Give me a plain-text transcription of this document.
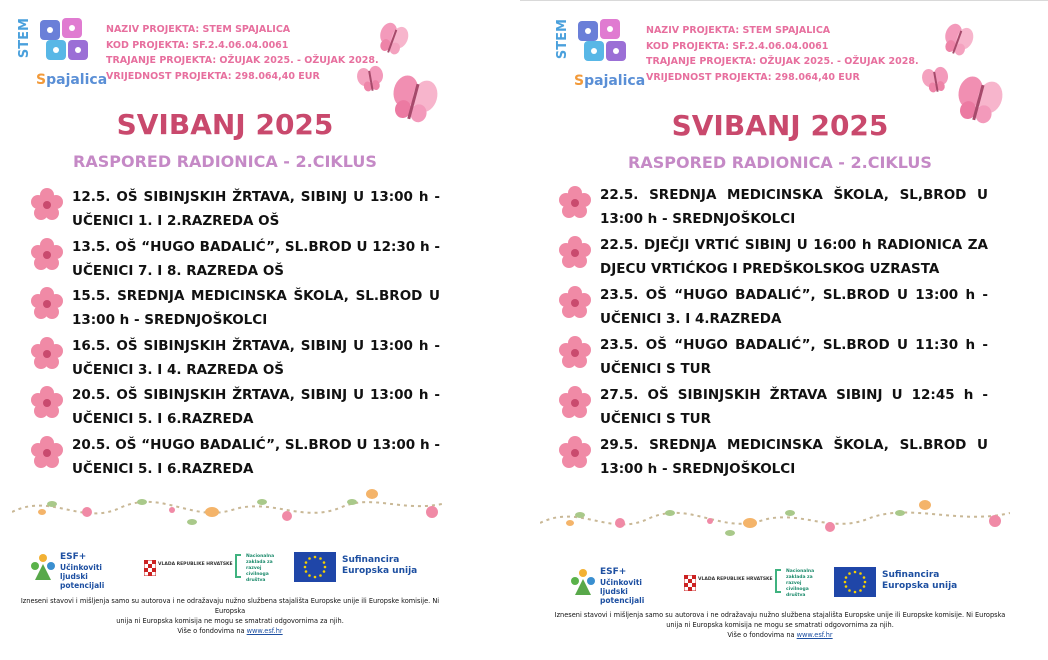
STEM
Spajalica
NAZIV PROJEKTA: STEM SPAJALICA
KOD PROJEKTA: SF.2.4.06.04.0061
TRAJANJE PROJEKTA: OŽUJAK 2025. - OŽUJAK 2028.
VRIJEDNOST PROJEKTA: 298.064,40 EUR
SVIBANJ 2025
RASPORED RADIONICA - 2.CIKLUS
12.5. OŠ SIBINJSKIH ŽRTAVA, SIBINJ U 13:00 h - UČENICI 1. I 2.RAZREDA OŠ
13.5. OŠ “HUGO BADALIĆ”, SL.BROD U 12:30 h - UČENICI 7. I 8. RAZREDA OŠ
15.5. SREDNJA MEDICINSKA ŠKOLA, SL.BROD U 13:00 h - SREDNJOŠKOLCI
16.5. OŠ SIBINJSKIH ŽRTAVA, SIBINJ U 13:00 h - UČENICI 3. I 4. RAZREDA OŠ
20.5. OŠ SIBINJSKIH ŽRTAVA, SIBINJ U 13:00 h - UČENICI 5. I 6.RAZREDA
20.5. OŠ “HUGO BADALIĆ”, SL.BROD U 13:00 h - UČENICI 5. I 6.RAZREDA
ESF+
Učinkoviti ljudski potencijali
VLADA REPUBLIKE HRVATSKE
Nacionalna zaklada za razvoj civilnoga društva
Sufinancira Europska unija
Izneseni stavovi i mišljenja samo su autorova i ne odražavaju nužno službena stajališta Europske unije ili Europske komisije. Ni Europska
unija ni Europska komisija ne mogu se smatrati odgovornima za njih.
Više o fondovima na www.esf.hr
STEM
Spajalica
NAZIV PROJEKTA: STEM SPAJALICA
KOD PROJEKTA: SF.2.4.06.04.0061
TRAJANJE PROJEKTA: OŽUJAK 2025. - OŽUJAK 2028.
VRIJEDNOST PROJEKTA: 298.064,40 EUR
SVIBANJ 2025
RASPORED RADIONICA - 2.CIKLUS
22.5. SREDNJA MEDICINSKA ŠKOLA, SL,BROD U 13:00 h - SREDNJOŠKOLCI
22.5. DJEČJI VRTIĆ SIBINJ U 16:00 h RADIONICA ZA DJECU VRTIĆKOG I PREDŠKOLSKOG UZRASTA
23.5. OŠ “HUGO BADALIĆ”, SL.BROD U 13:00 h - UČENICI 3. I 4.RAZREDA
23.5. OŠ “HUGO BADALIĆ”, SL.BROD U 11:30 h - UČENICI S TUR
27.5. OŠ SIBINJSKIH ŽRTAVA SIBINJ U 12:45 h - UČENICI S TUR
29.5. SREDNJA MEDICINSKA ŠKOLA, SL.BROD U 13:00 h - SREDNJOŠKOLCI
ESF+
Učinkoviti ljudski potencijali
VLADA REPUBLIKE HRVATSKE
Nacionalna zaklada za razvoj civilnoga društva
Sufinancira Europska unija
Izneseni stavovi i mišljenja samo su autorova i ne odražavaju nužno službena stajališta Europske unije ili Europske komisije. Ni Europska
unija ni Europska komisija ne mogu se smatrati odgovornima za njih.
Više o fondovima na www.esf.hr
